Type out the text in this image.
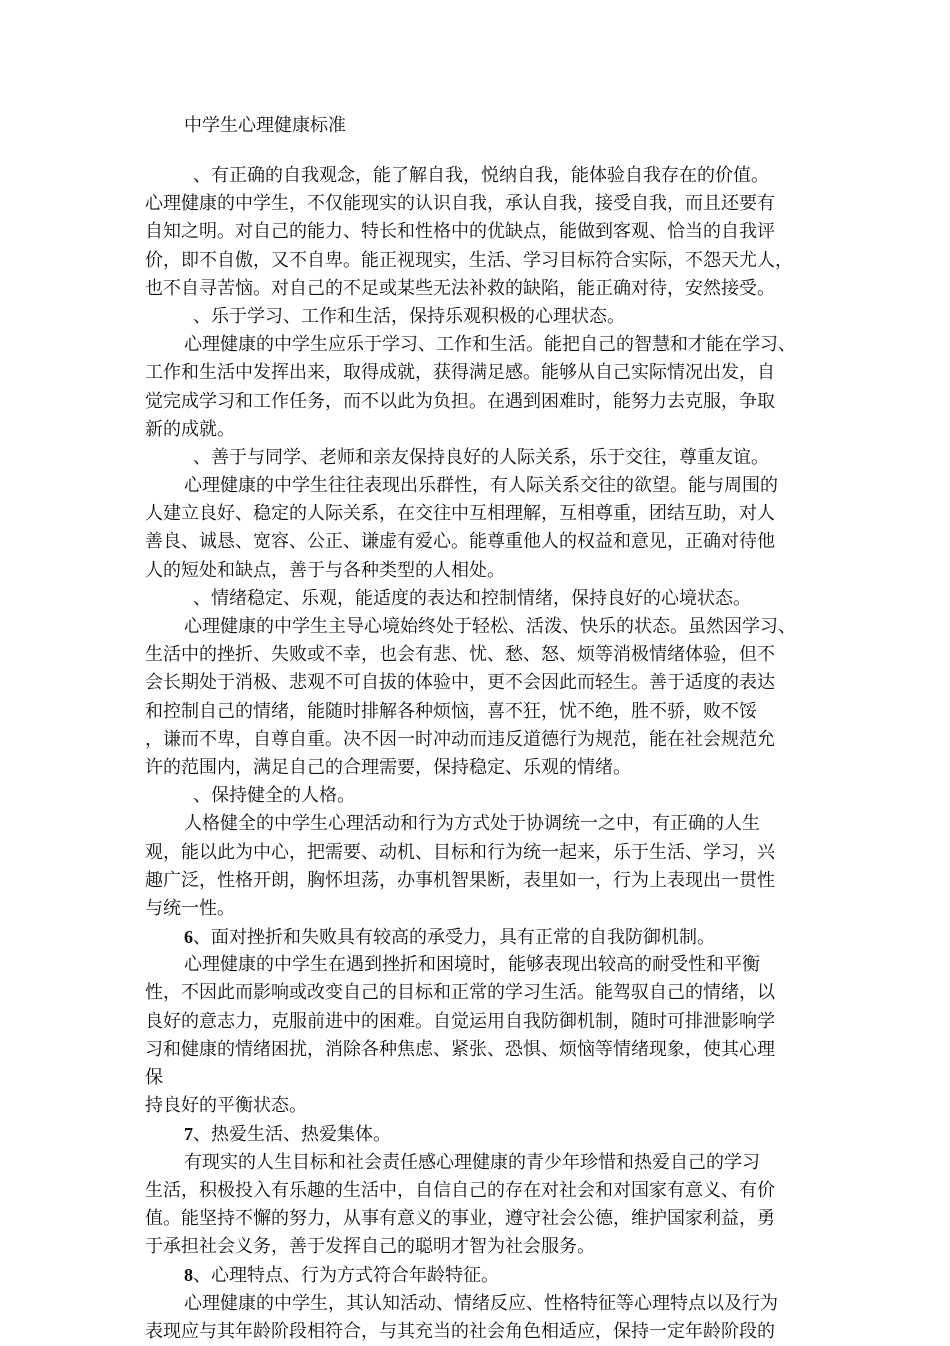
中学生心理健康标准
、有正确的自我观念，能了解自我，悦纳自我，能体验自我存在的价值。
心理健康的中学生，不仅能现实的认识自我，承认自我，接受自我，而且还要有
自知之明。对自己的能力、特长和性格中的优缺点，能做到客观、恰当的自我评
价，即不自傲，又不自卑。能正视现实，生活、学习目标符合实际，不怨天尤人，
也不自寻苦恼。对自己的不足或某些无法补救的缺陷，能正确对待，安然接受。
、乐于学习、工作和生活，保持乐观积极的心理状态。
心理健康的中学生应乐于学习、工作和生活。能把自己的智慧和才能在学习、
工作和生活中发挥出来，取得成就，获得满足感。能够从自己实际情况出发，自
觉完成学习和工作任务，而不以此为负担。在遇到困难时，能努力去克服，争取
新的成就。
、善于与同学、老师和亲友保持良好的人际关系，乐于交往，尊重友谊。
心理健康的中学生往往表现出乐群性，有人际关系交往的欲望。能与周围的
人建立良好、稳定的人际关系，在交往中互相理解，互相尊重，团结互助，对人
善良、诚恳、宽容、公正、谦虚有爱心。能尊重他人的权益和意见，正确对待他
人的短处和缺点，善于与各种类型的人相处。
、情绪稳定、乐观，能适度的表达和控制情绪，保持良好的心境状态。
心理健康的中学生主导心境始终处于轻松、活泼、快乐的状态。虽然因学习、
生活中的挫折、失败或不幸，也会有悲、忧、愁、怒、烦等消极情绪体验，但不
会长期处于消极、悲观不可自拔的体验中，更不会因此而轻生。善于适度的表达
和控制自己的情绪，能随时排解各种烦恼，喜不狂，忧不绝，胜不骄，败不馁
，谦而不卑，自尊自重。决不因一时冲动而违反道德行为规范，能在社会规范允
许的范围内，满足自己的合理需要，保持稳定、乐观的情绪。
、保持健全的人格。
人格健全的中学生心理活动和行为方式处于协调统一之中，有正确的人生
观，能以此为中心，把需要、动机、目标和行为统一起来，乐于生活、学习，兴
趣广泛，性格开朗，胸怀坦荡，办事机智果断，表里如一，行为上表现出一贯性
与统一性。
6、面对挫折和失败具有较高的承受力，具有正常的自我防御机制。
心理健康的中学生在遇到挫折和困境时，能够表现出较高的耐受性和平衡
性，不因此而影响或改变自己的目标和正常的学习生活。能驾驭自己的情绪，以
良好的意志力，克服前进中的困难。自觉运用自我防御机制，随时可排泄影响学
习和健康的情绪困扰，消除各种焦虑、紧张、恐惧、烦恼等情绪现象，使其心理
保
持良好的平衡状态。
7、热爱生活、热爱集体。
有现实的人生目标和社会责任感心理健康的青少年珍惜和热爱自己的学习
生活，积极投入有乐趣的生活中，自信自己的存在对社会和对国家有意义、有价
值。能坚持不懈的努力，从事有意义的事业，遵守社会公德，维护国家利益，勇
于承担社会义务，善于发挥自己的聪明才智为社会服务。
8、心理特点、行为方式符合年龄特征。
心理健康的中学生，其认知活动、情绪反应、性格特征等心理特点以及行为
表现应与其年龄阶段相符合，与其充当的社会角色相适应，保持一定年龄阶段的
